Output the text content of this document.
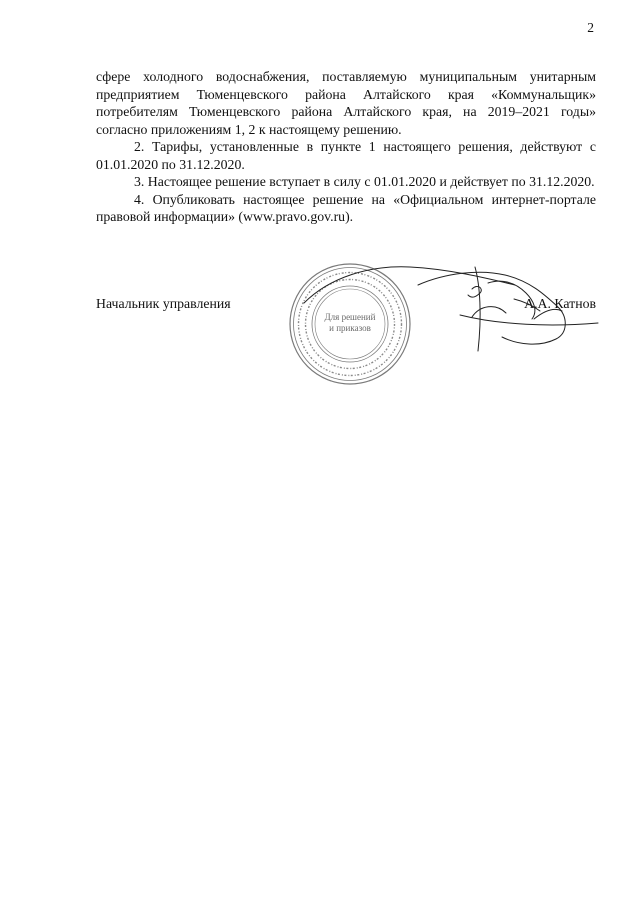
2

сфере холодного водоснабжения, поставляемую муниципальным унитарным предприятием Тюменцевского района Алтайского края «Коммунальщик» потребителям Тюменцевского района Алтайского края, на 2019–2021 годы» согласно приложениям 1, 2 к настоящему решению.

2. Тарифы, установленные в пункте 1 настоящего решения, действуют с 01.01.2020 по 31.12.2020.

3. Настоящее решение вступает в силу с 01.01.2020 и действует по 31.12.2020.

4. Опубликовать настоящее решение на «Официальном интернет-портале правовой информации» (www.pravo.gov.ru).

Начальник управления	А.А. Катнов
Для решений
и приказов
